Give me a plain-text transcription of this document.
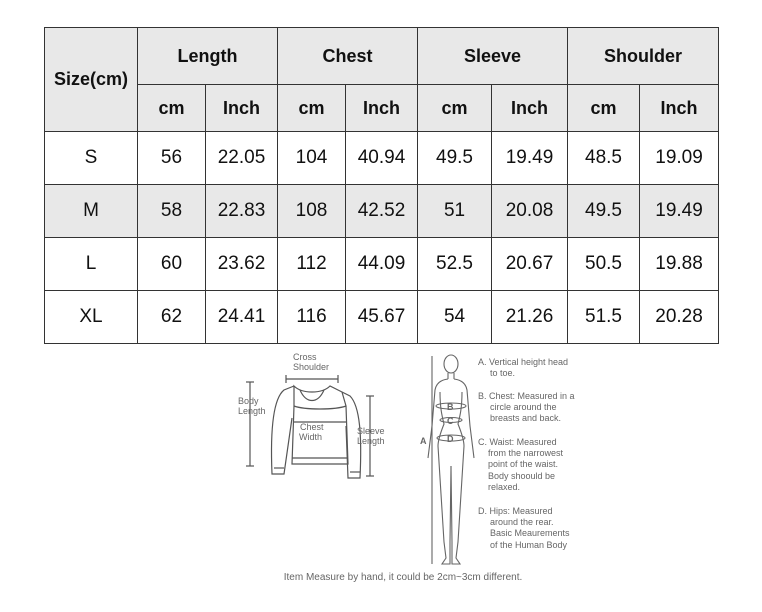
Size(cm)	Length		Chest		Sleeve		Shoulder	
	cm	Inch	cm	Inch	cm	Inch	cm	Inch
S	56	22.05	104	40.94	49.5	19.49	48.5	19.09
M	58	22.83	108	42.52	51	20.08	49.5	19.49
L	60	23.62	112	44.09	52.5	20.67	50.5	19.88
XL	62	24.41	116	45.67	54	21.26	51.5	20.28
Cross Shoulder
Body Length
Chest Width
Sleeve Length
B
C
D
A
A. Vertical height head to toe.
B. Chest: Measured in a circle around the breasts and back.
C. Waist: Measured from the narrowest point of the waist. Body shoould be relaxed.
D. Hips: Measured around the rear. Basic Meaurements of the Human Body
Item Measure by hand, it could be 2cm~3cm different.
